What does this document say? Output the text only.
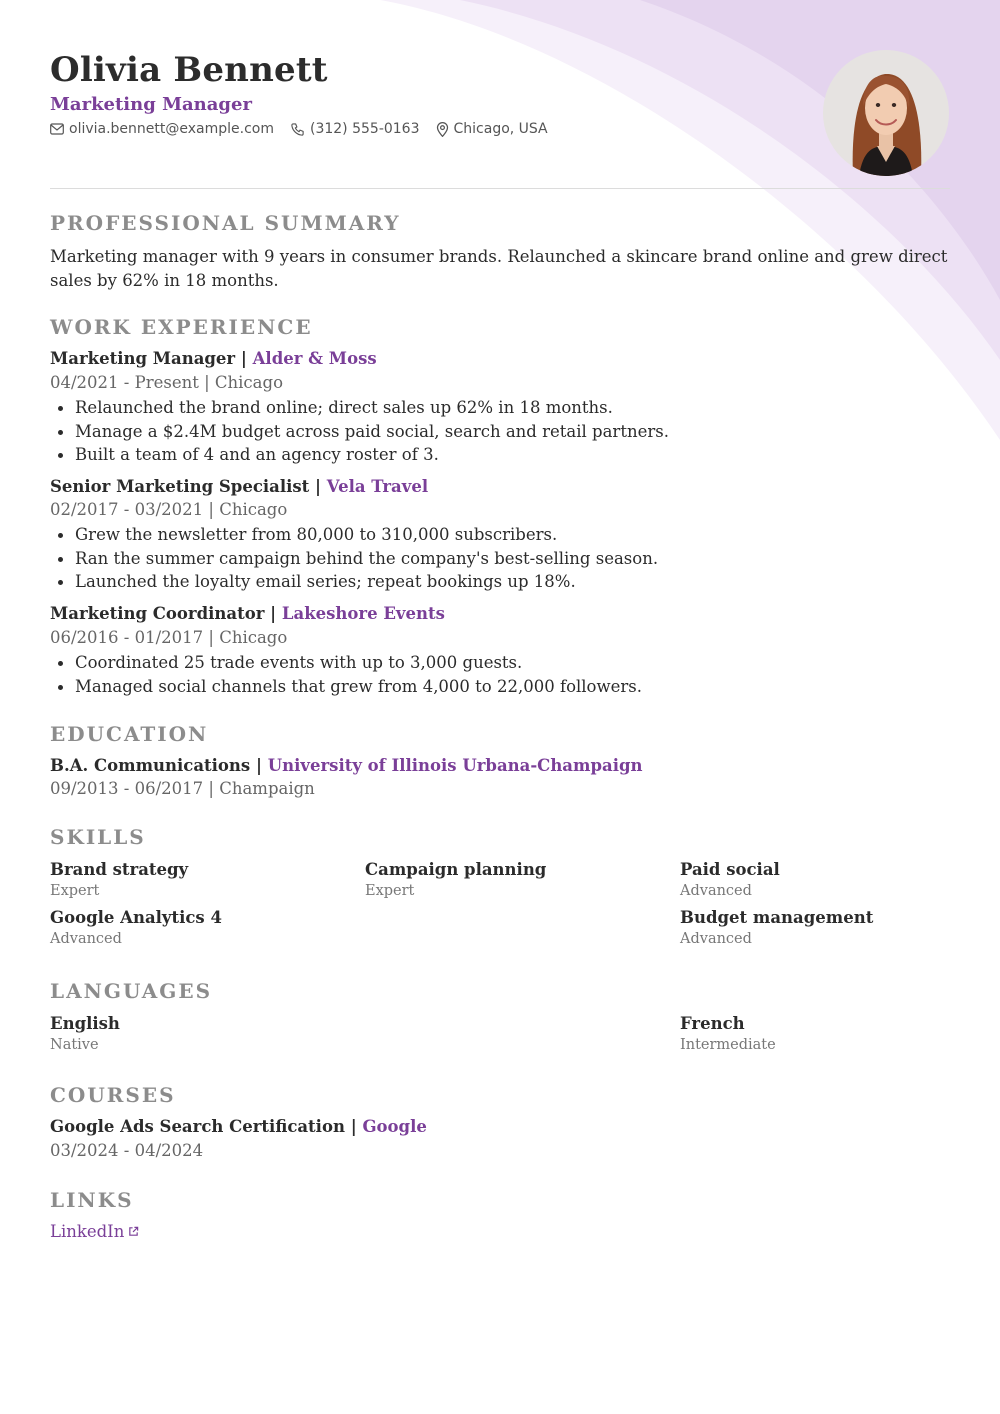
Olivia Bennett
Marketing Manager
olivia.bennett@example.com	(312) 555-0163 Chicago, USA
PROFESSIONAL SUMMARY

Marketing manager with 9 years in consumer brands. Relaunched a skincare brand online and grew direct sales by 62% in 18 months.

WORK EXPERIENCE
Marketing Manager | Alder & Moss
04/2021 - Present | Chicago
Relaunched the brand online; direct sales up 62% in 18 months.
Manage a $2.4M budget across paid social, search and retail partners.
Built a team of 4 and an agency roster of 3.
Senior Marketing Specialist | Vela Travel
02/2017 - 03/2021 | Chicago
Grew the newsletter from 80,000 to 310,000 subscribers.
Ran the summer campaign behind the company's best-selling season.
Launched the loyalty email series; repeat bookings up 18%.
Marketing Coordinator | Lakeshore Events
06/2016 - 01/2017 | Chicago
Coordinated 25 trade events with up to 3,000 guests.
Managed social channels that grew from 4,000 to 22,000 followers.
EDUCATION
B.A. Communications | University of Illinois Urbana-Champaign
09/2013 - 06/2017 | Champaign
SKILLS
Brand strategy
Expert
Campaign planning
Expert
Paid social
Advanced
Google Analytics 4
Advanced
Budget management
Advanced
LANGUAGES
English
Native
French
Intermediate
COURSES
Google Ads Search Certification | Google
03/2024 - 04/2024
LINKS
LinkedIn
